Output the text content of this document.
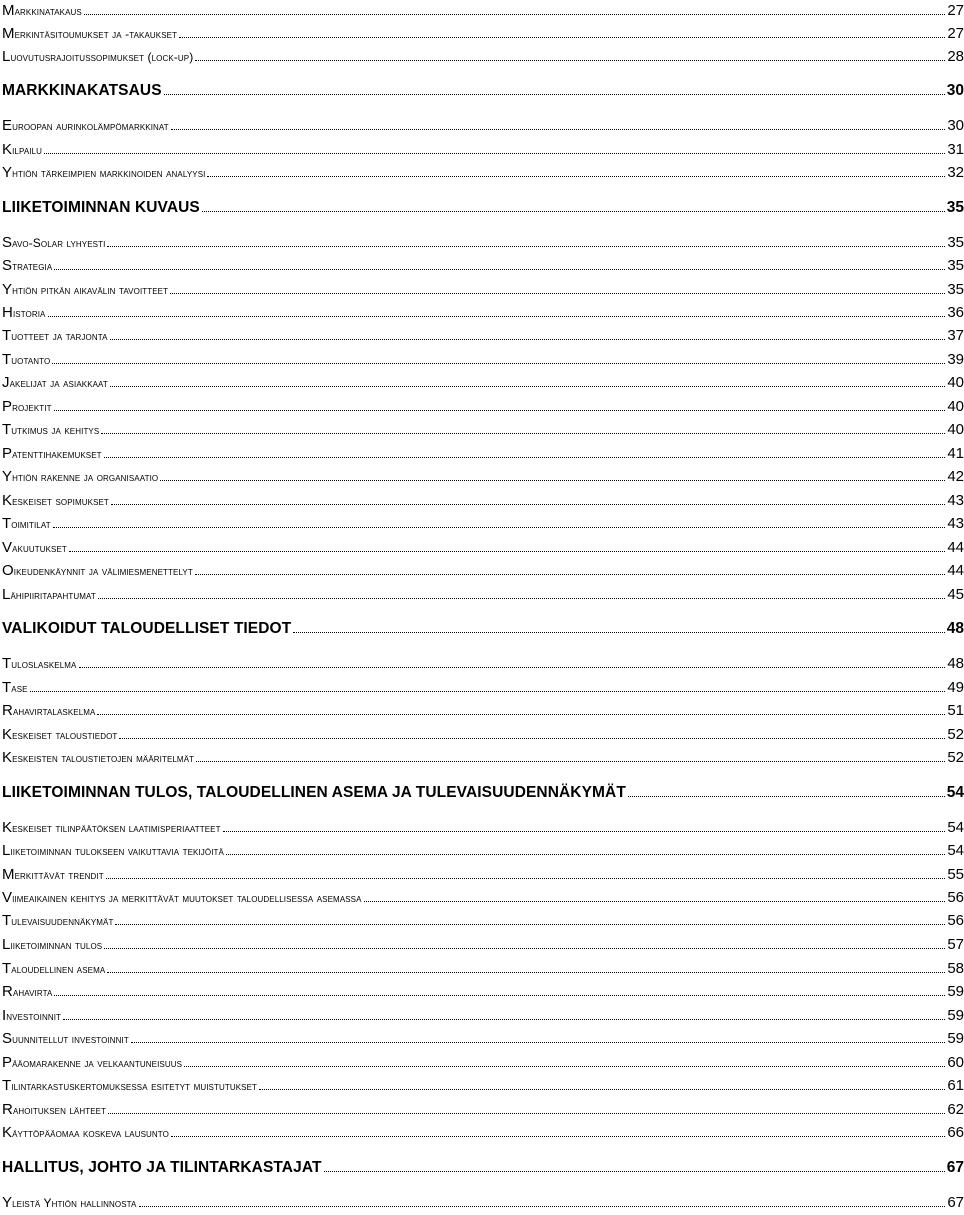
Markkinatakaus	27
Merkintäsitoumukset ja -takaukset	27
Luovutusrajoitussopimukset (lock-up)	28
MARKKINAKATSAUS	30
Euroopan aurinkolämpömarkkinat	30
Kilpailu	31
Yhtiön tärkeimpien markkinoiden analyysi	32
LIIKETOIMINNAN KUVAUS	35
Savo-Solar lyhyesti	35
Strategia	35
Yhtiön pitkän aikavälin tavoitteet	35
Historia	36
Tuotteet ja tarjonta	37
Tuotanto	39
Jakelijat ja asiakkaat	40
Projektit	40
Tutkimus ja kehitys	40
Patenttihakemukset	41
Yhtiön rakenne ja organisaatio	42
Keskeiset sopimukset	43
Toimitilat	43
Vakuutukset	44
Oikeudenkäynnit ja välimiesmenettelyt	44
Lähipiiritapahtumat	45
VALIKOIDUT TALOUDELLISET TIEDOT	48
Tuloslaskelma	48
Tase	49
Rahavirtalaskelma	51
Keskeiset taloustiedot	52
Keskeisten taloustietojen määritelmät	52
LIIKETOIMINNAN TULOS, TALOUDELLINEN ASEMA JA TULEVAISUUDENNÄKYMÄT	54
Keskeiset tilinpäätöksen laatimisperiaatteet	54
Liiketoiminnan tulokseen vaikuttavia tekijöitä	54
Merkittävät trendit	55
Viimeaikainen kehitys ja merkittävät muutokset taloudellisessa asemassa	56
Tulevaisuudennäkymät	56
Liiketoiminnan tulos	57
Taloudellinen asema	58
Rahavirta	59
Investoinnit	59
Suunnitellut investoinnit	59
Pääomarakenne ja velkaantuneisuus	60
Tilintarkastuskertomuksessa esitetyt muistutukset	61
Rahoituksen lähteet	62
Käyttöpääomaa koskeva lausunto	66
HALLITUS, JOHTO JA TILINTARKASTAJAT	67
Yleistä Yhtiön hallinnosta	67
